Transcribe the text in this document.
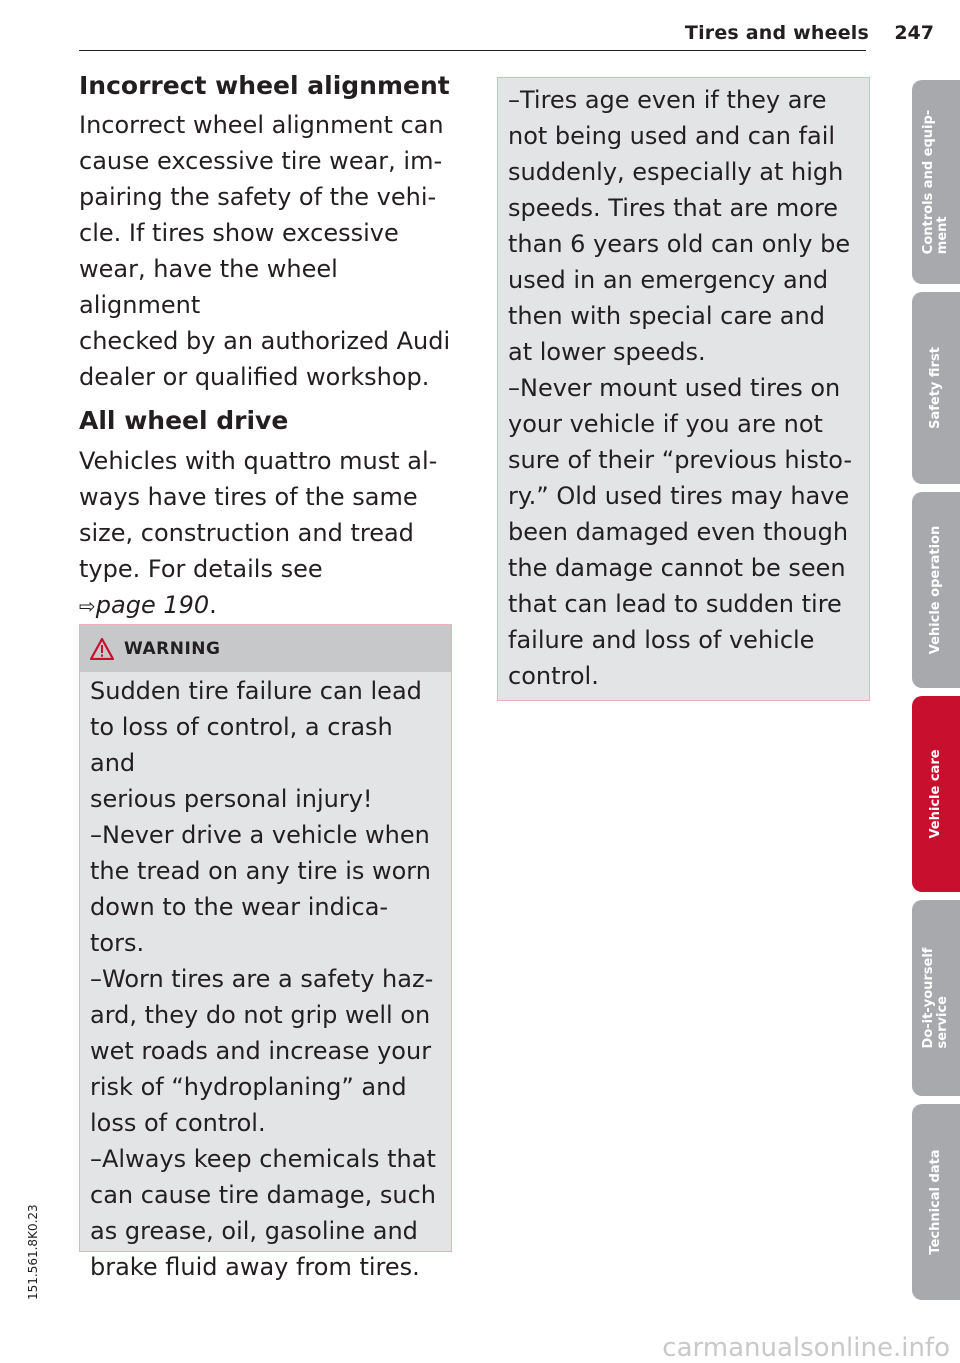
Tires and wheels 247
Incorrect wheel alignment

Incorrect wheel alignment can

cause excessive tire wear, im-

pairing the safety of the vehi-

cle. If tires show excessive

wear, have the wheel alignment

checked by an authorized Audi

dealer or qualified workshop.

All wheel drive

Vehicles with quattro must al-

ways have tires of the same

size, construction and tread

type. For details see

⇨page 190.

WARNING

Sudden tire failure can lead

to loss of control, a crash and

serious personal injury!

–Never drive a vehicle when
the tread on any tire is worn
down to the wear indica-
tors.
–Worn tires are a safety haz-
ard, they do not grip well on
wet roads and increase your
risk of “hydroplaning” and
loss of control.
–Always keep chemicals that
can cause tire damage, such
as grease, oil, gasoline and
brake fluid away from tires.
–Tires age even if they are
not being used and can fail
suddenly, especially at high
speeds. Tires that are more
than 6 years old can only be
used in an emergency and
then with special care and
at lower speeds.
–Never mount used tires on
your vehicle if you are not
sure of their “previous histo-
ry.” Old used tires may have
been damaged even though
the damage cannot be seen
that can lead to sudden tire
failure and loss of vehicle
control.
Controls and equip- ment
Safety first
Vehicle operation
Vehicle care
Do-it-yourself service
Technical data
151.561.8K0.23
carmanualsonline.info
